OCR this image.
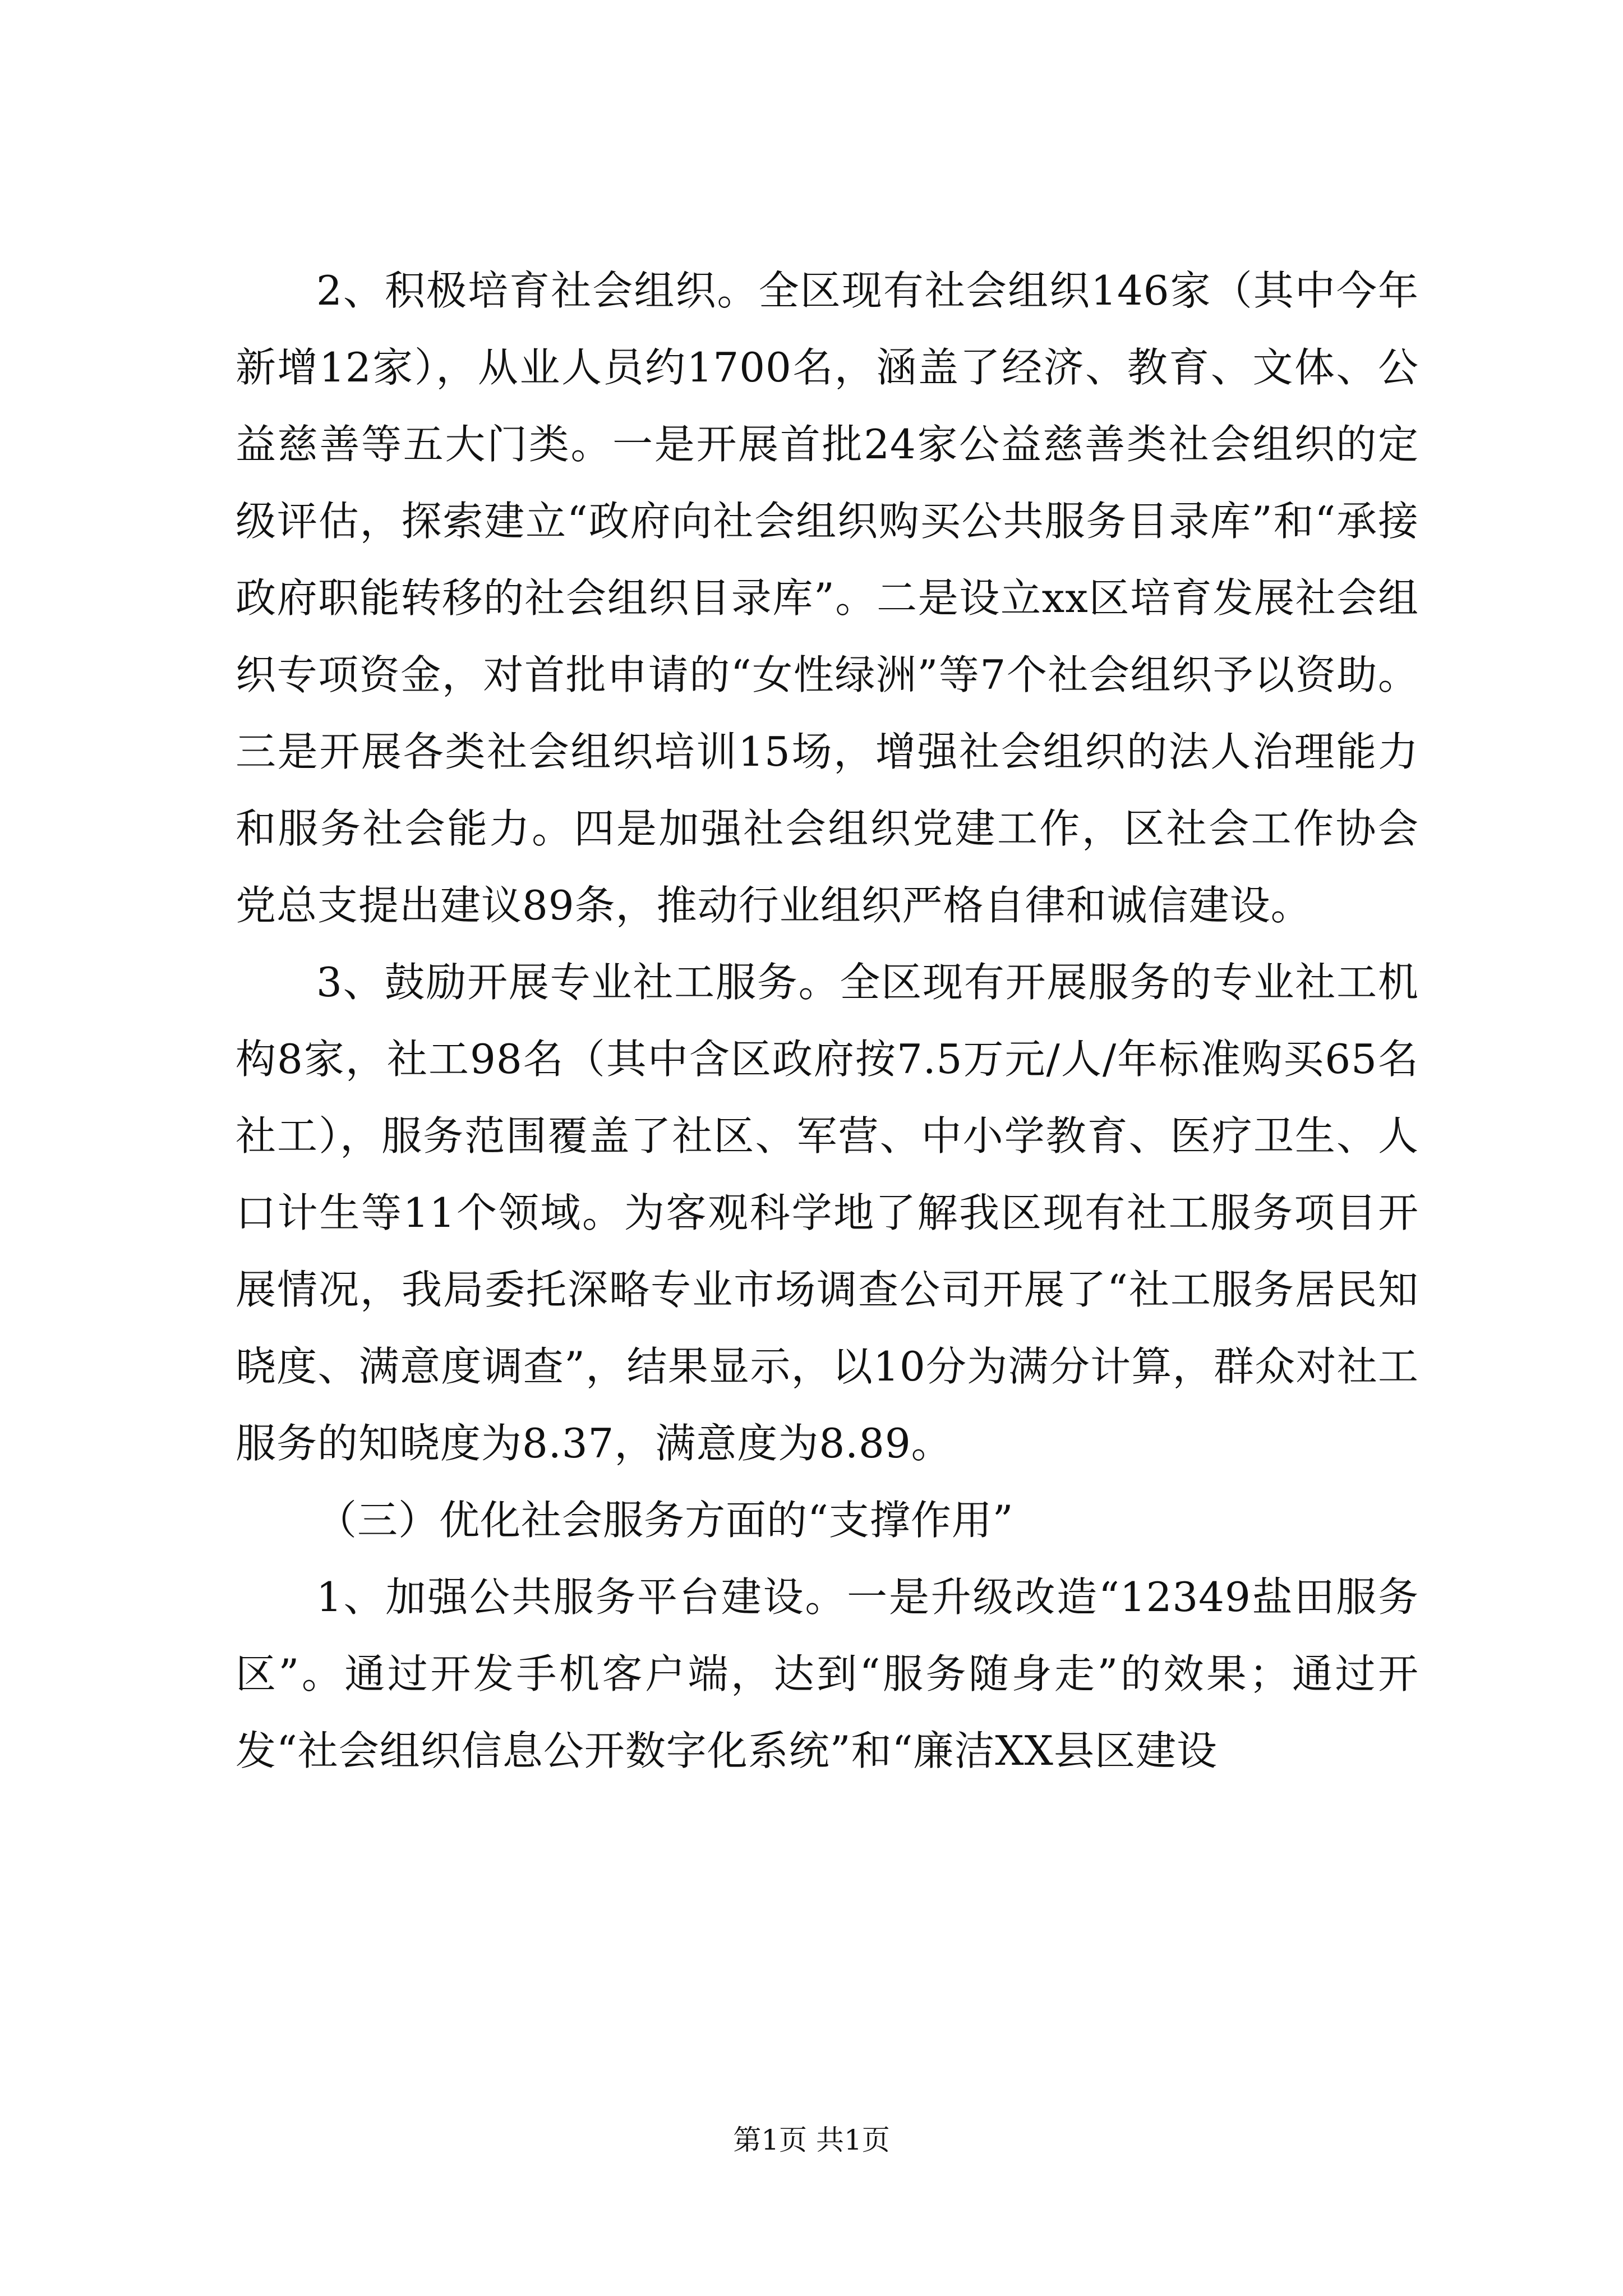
2、积极培育社会组织。全区现有社会组织146家（其中今年新增12家），从业人员约1700名，涵盖了经济、教育、文体、公益慈善等五大门类。一是开展首批24家公益慈善类社会组织的定级评估，探索建立“政府向社会组织购买公共服务目录库”和“承接政府职能转移的社会组织目录库”。二是设立xx区培育发展社会组织专项资金，对首批申请的“女性绿洲”等7个社会组织予以资助。三是开展各类社会组织培训15场，增强社会组织的法人治理能力和服务社会能力。四是加强社会组织党建工作，区社会工作协会党总支提出建议89条，推动行业组织严格自律和诚信建设。

3、鼓励开展专业社工服务。全区现有开展服务的专业社工机构8家，社工98名（其中含区政府按7.5万元/人/年标准购买65名社工），服务范围覆盖了社区、军营、中小学教育、医疗卫生、人口计生等11个领域。为客观科学地了解我区现有社工服务项目开展情况，我局委托深略专业市场调查公司开展了“社工服务居民知晓度、满意度调查”，结果显示，以10分为满分计算，群众对社工服务的知晓度为8.37，满意度为8.89。

（三）优化社会服务方面的“支撑作用”

1、加强公共服务平台建设。一是升级改造“12349盐田服务区”。通过开发手机客户端，达到“服务随身走”的效果；通过开发“社会组织信息公开数字化系统”和“廉洁XX县区建设

第1页 共1页
